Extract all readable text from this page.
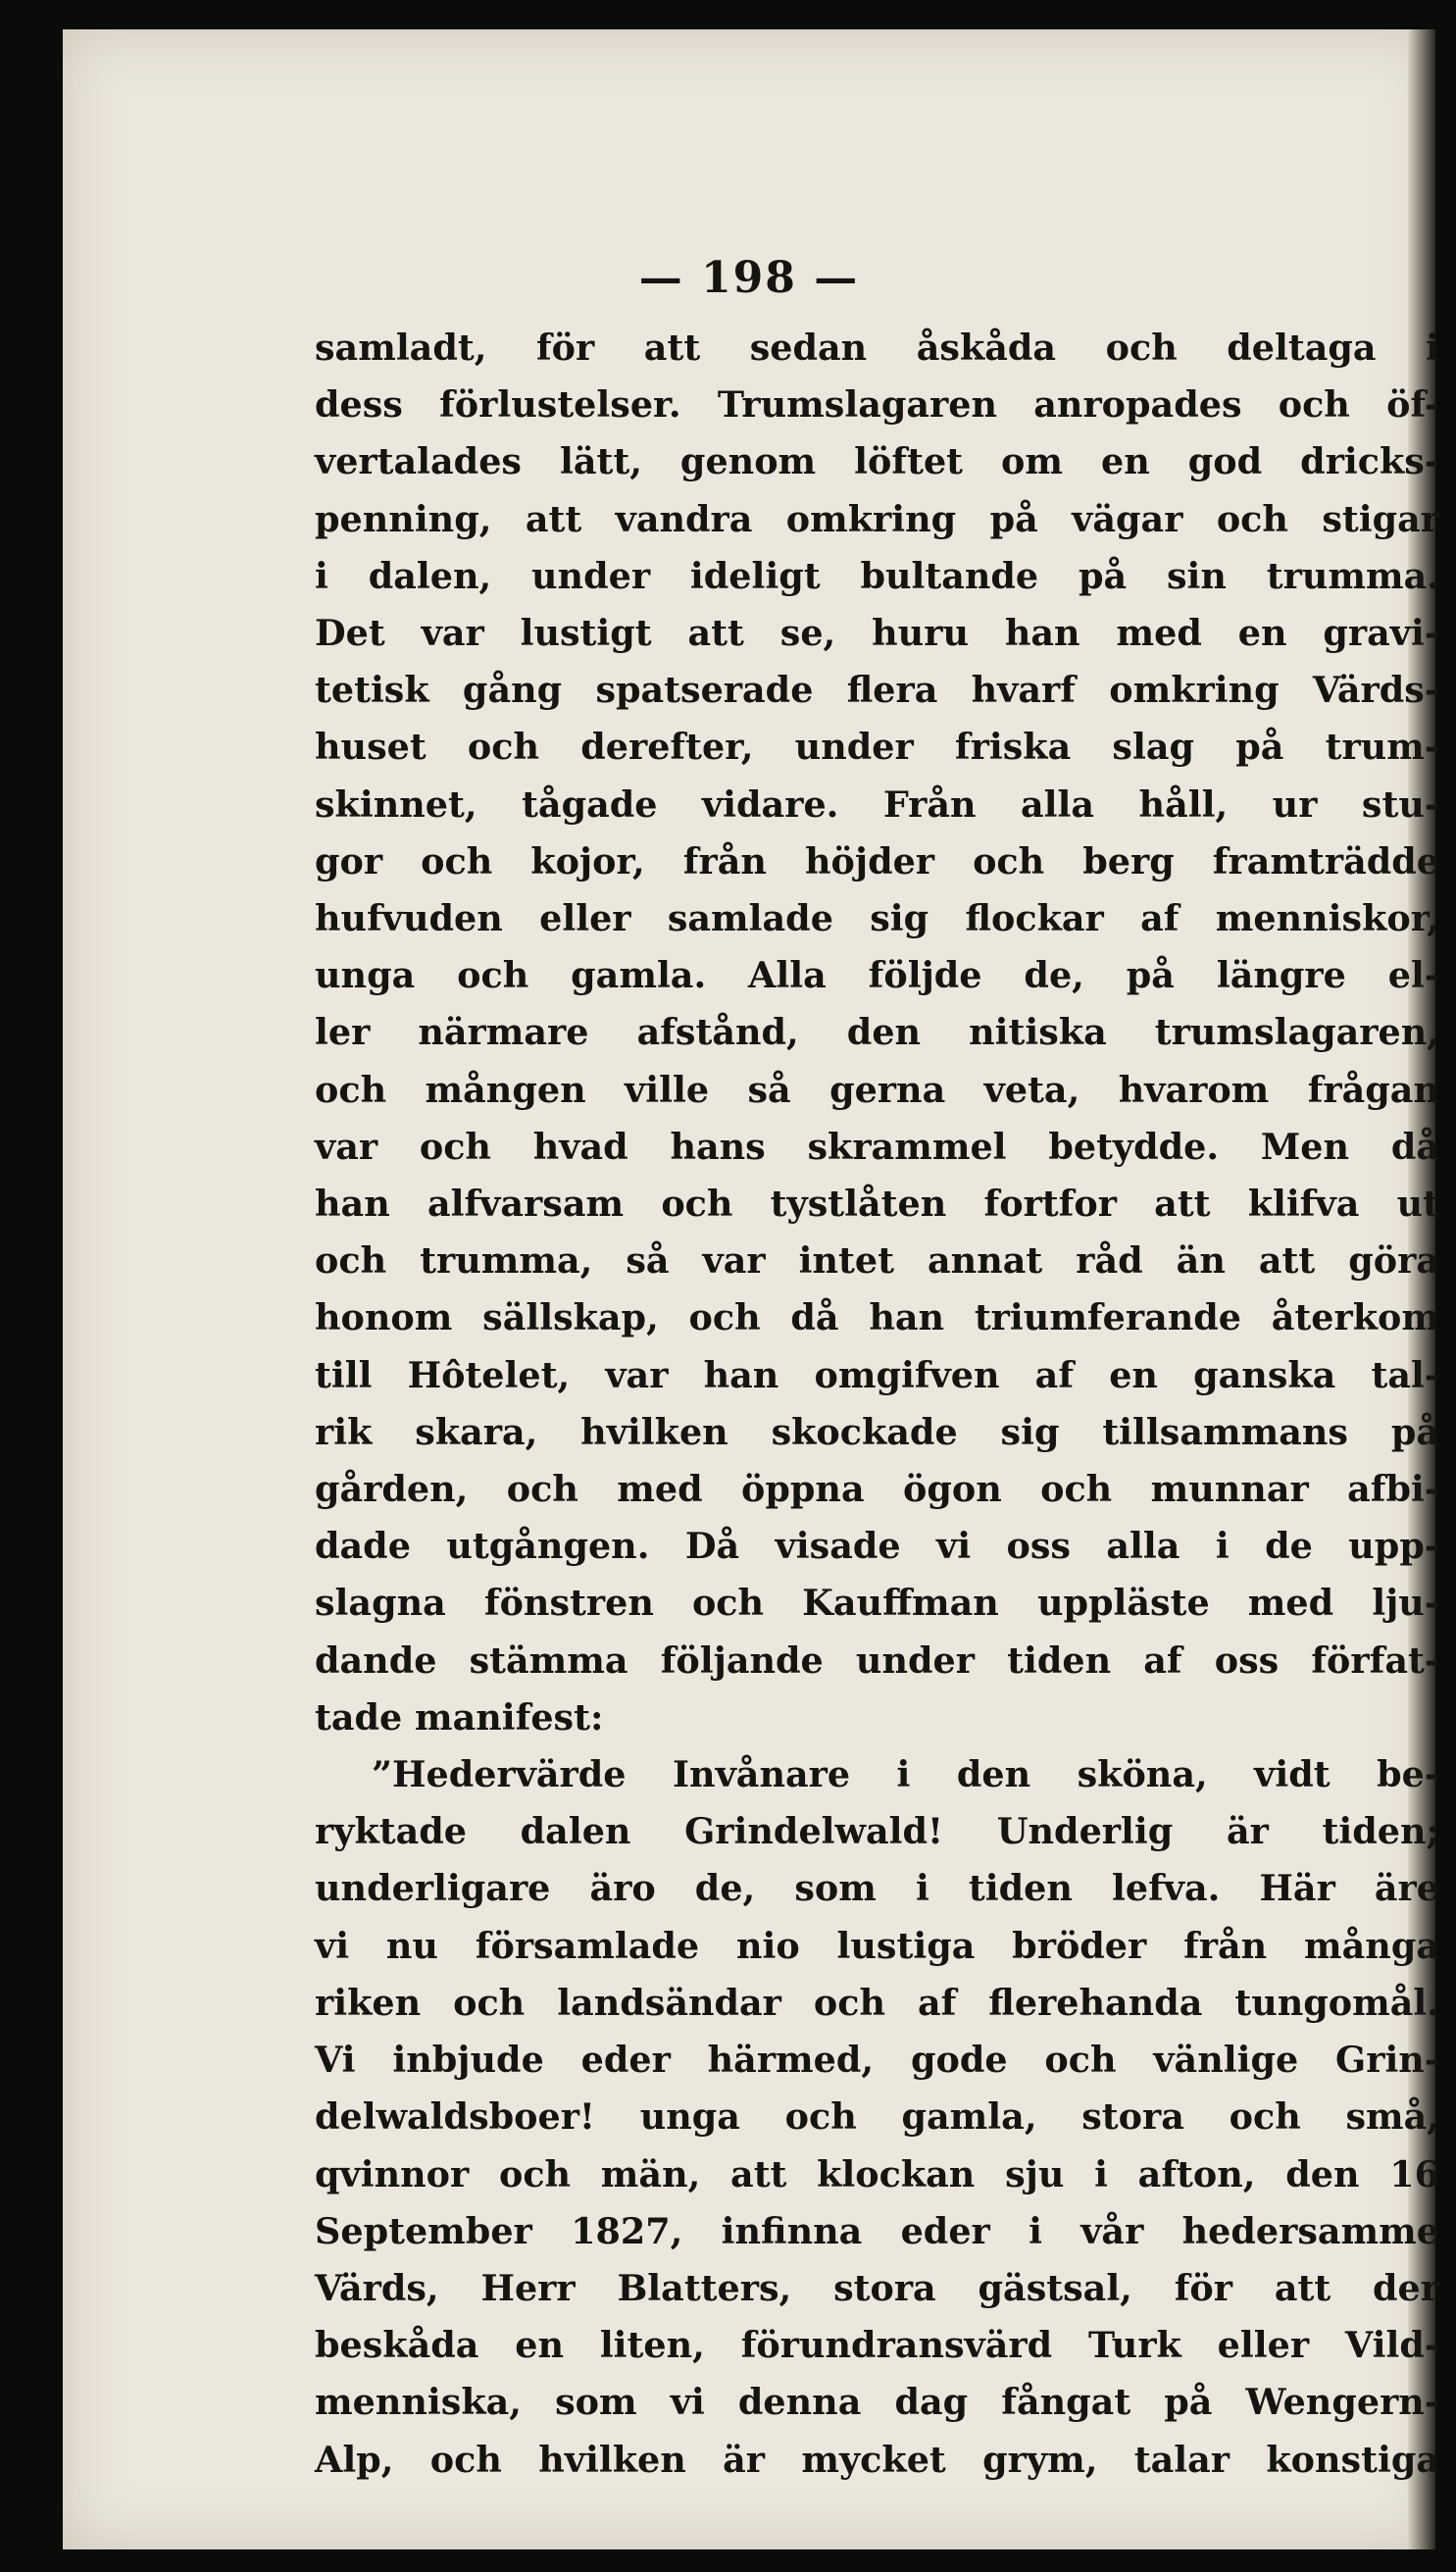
— 198 —
samladt, för att sedan åskåda och deltaga i
dess förlustelser. Trumslagaren anropades och öf-
vertalades lätt, genom löftet om en god dricks-
penning, att vandra omkring på vägar och stigar
i dalen, under ideligt bultande på sin trumma.
Det var lustigt att se, huru han med en gravi-
tetisk gång spatserade flera hvarf omkring Värds-
huset och derefter, under friska slag på trum-
skinnet, tågade vidare. Från alla håll, ur stu-
gor och kojor, från höjder och berg framträdde
hufvuden eller samlade sig flockar af menniskor,
unga och gamla. Alla följde de, på längre el-
ler närmare afstånd, den nitiska trumslagaren,
och mången ville så gerna veta, hvarom frågan
var och hvad hans skrammel betydde. Men då
han alfvarsam och tystlåten fortfor att klifva ut
och trumma, så var intet annat råd än att göra
honom sällskap, och då han triumferande återkom
till Hôtelet, var han omgifven af en ganska tal-
rik skara, hvilken skockade sig tillsammans på
gården, och med öppna ögon och munnar afbi-
dade utgången. Då visade vi oss alla i de upp-
slagna fönstren och Kauffman uppläste med lju-
dande stämma följande under tiden af oss förfat-
tade manifest:
”Hedervärde Invånare i den sköna, vidt be-
ryktade dalen Grindelwald! Underlig är tiden;
underligare äro de, som i tiden lefva. Här äre
vi nu församlade nio lustiga bröder från många
riken och landsändar och af flerehanda tungomål.
Vi inbjude eder härmed, gode och vänlige Grin-
delwaldsboer! unga och gamla, stora och små,
qvinnor och män, att klockan sju i afton, den 16
September 1827, infinna eder i vår hedersamme
Värds, Herr Blatters, stora gästsal, för att der
beskåda en liten, förundransvärd Turk eller Vild-
menniska, som vi denna dag fångat på Wengern-
Alp, och hvilken är mycket grym, talar konstiga
